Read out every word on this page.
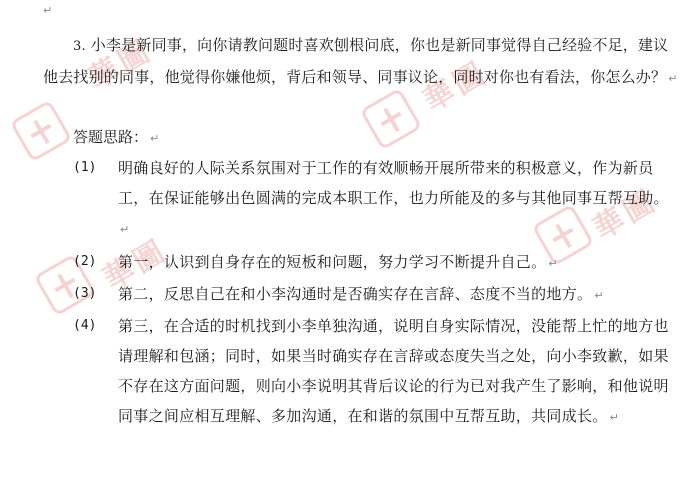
華圖	華圖
華圖
華圖
↵
3. 小李是新同事，向你请教问题时喜欢刨根问底，你也是新同事觉得自己经验不足，建议他去找别的同事，他觉得你嫌他烦，背后和领导、同事议论，同时对你也有看法，你怎么办？ ↵
答题思路： ↵
(1)	明确良好的人际关系氛围对于工作的有效顺畅开展所带来的积极意义，作为新员工，在保证能够出色圆满的完成本职工作，也力所能及的多与其他同事互帮互助。↵
(2)	第一，认识到自身存在的短板和问题，努力学习不断提升自己。 ↵
(3)	第二，反思自己在和小李沟通时是否确实存在言辞、态度不当的地方。 ↵
(4)	第三，在合适的时机找到小李单独沟通，说明自身实际情况，没能帮上忙的地方也请理解和包涵；同时，如果当时确实存在言辞或态度失当之处，向小李致歉，如果不存在这方面问题，则向小李说明其背后议论的行为已对我产生了影响，和他说明同事之间应相互理解、多加沟通，在和谐的氛围中互帮互助，共同成长。 ↵
